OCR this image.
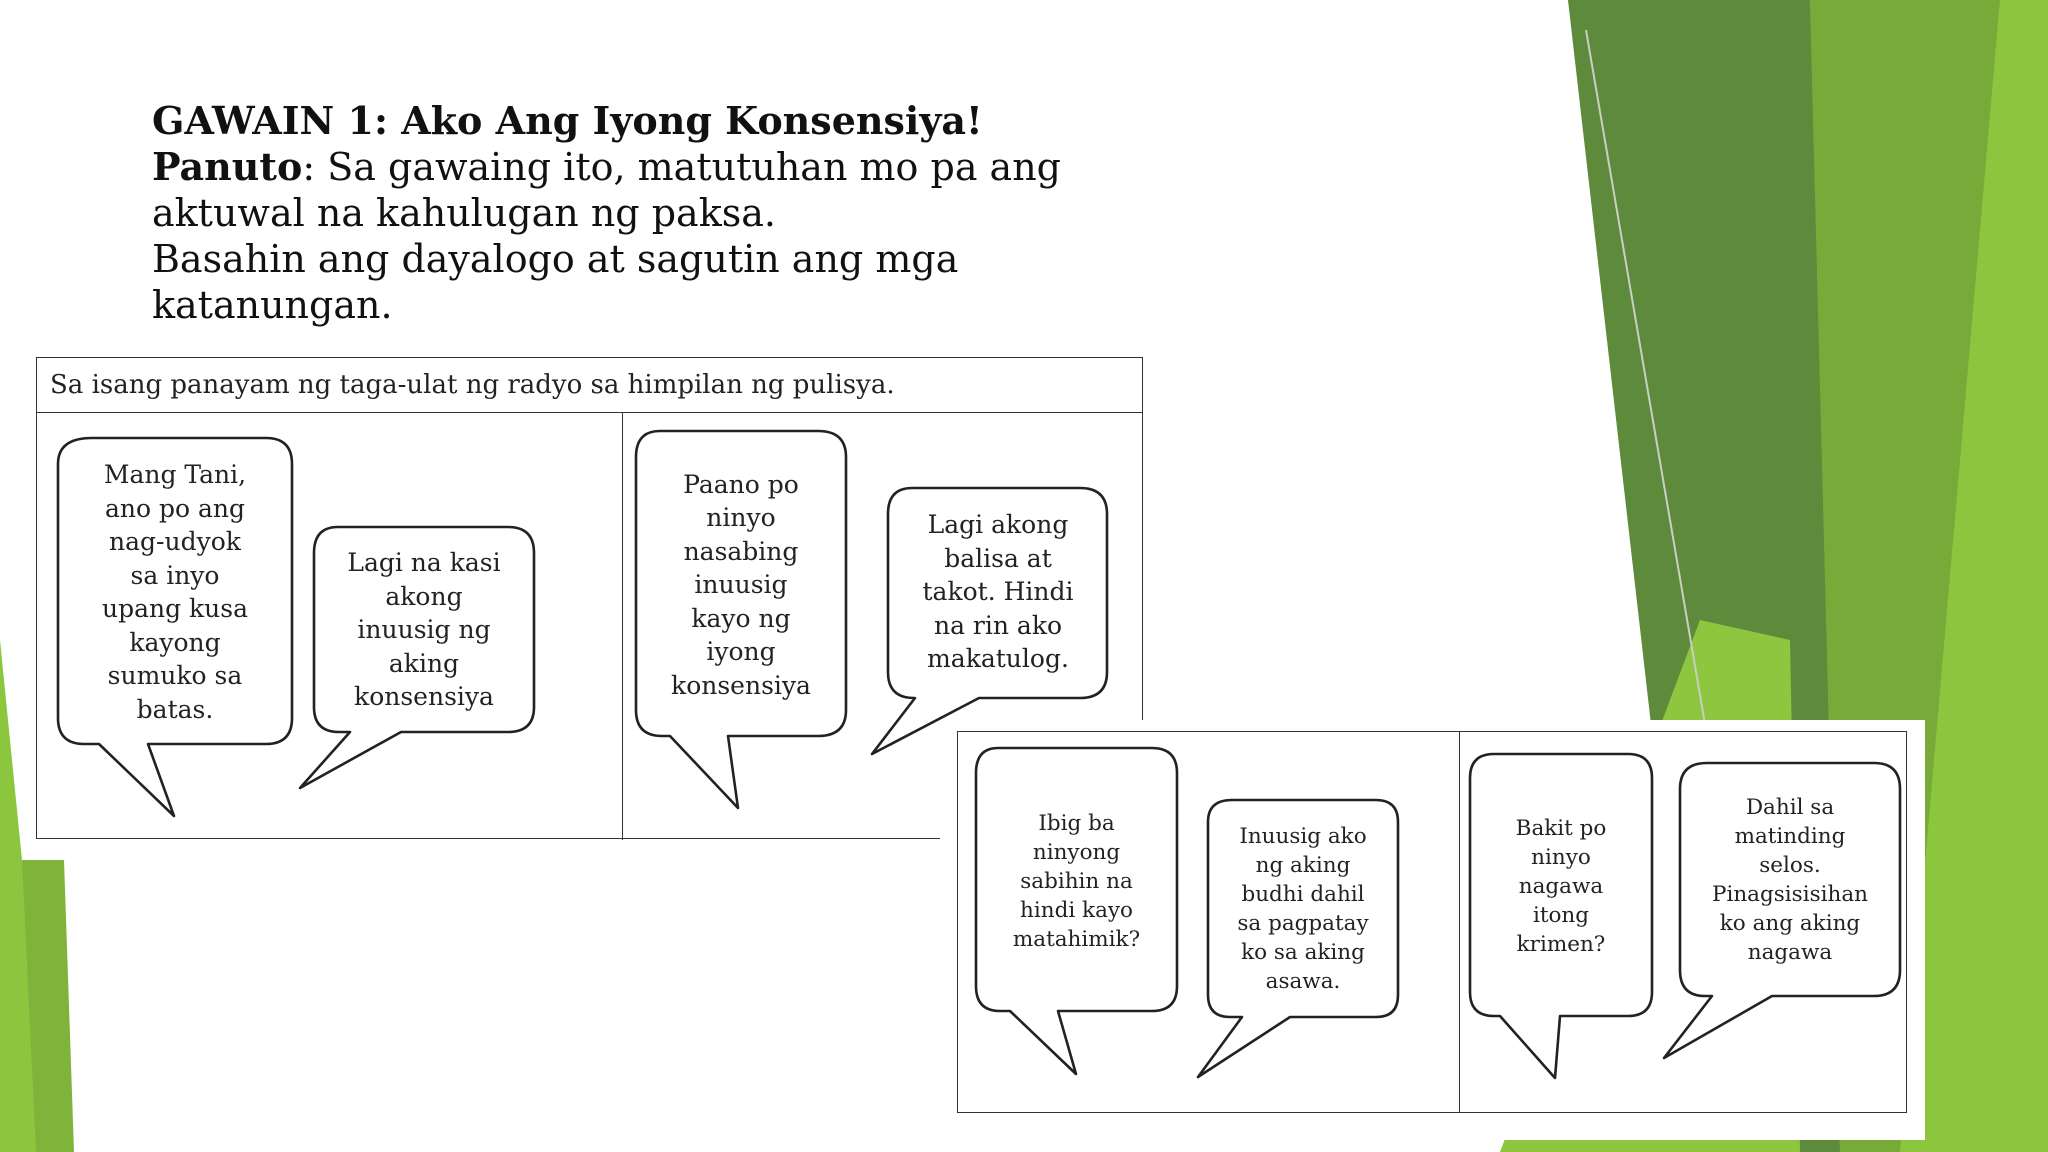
GAWAIN 1: Ako Ang Iyong Konsensiya!
Panuto: Sa gawaing ito, matutuhan mo pa ang
aktuwal na kahulugan ng paksa.
Basahin ang dayalogo at sagutin ang mga
katanungan.
Sa isang panayam ng taga-ulat ng radyo sa himpilan ng pulisya.
Mang Tani,
ano po ang
nag-udyok
sa inyo
upang kusa
kayong
sumuko sa
batas.
Lagi na kasi
akong
inuusig ng
aking
konsensiya
Paano po
ninyo
nasabing
inuusig
kayo ng
iyong
konsensiya
Lagi akong
balisa at
takot. Hindi
na rin ako
makatulog.
Ibig ba
ninyong
sabihin na
hindi kayo
matahimik?
Inuusig ako
ng aking
budhi dahil
sa pagpatay
ko sa aking
asawa.
Bakit po
ninyo
nagawa
itong
krimen?
Dahil sa
matinding
selos.
Pinagsisisihan
ko ang aking
nagawa
